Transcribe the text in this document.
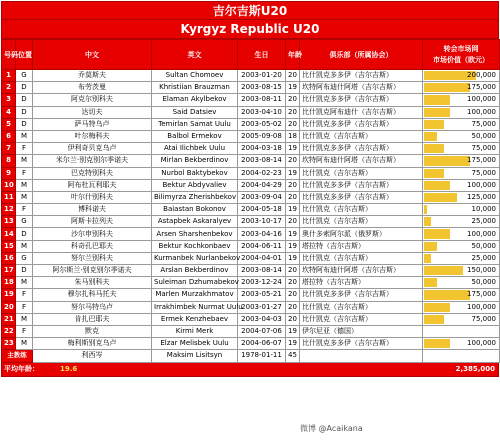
吉尔吉斯U20
Kyrgyz Republic U20
号码	位置	中文	英文	生日	年龄	俱乐部（所属协会）	转会市场网
市场价值（欧元）

1	G	乔莫斯夫	Sultan Chomoev	2003-01-20	20	比什凯克多多伊（吉尔吉斯）	200,000
2	D	布劳茨曼	Khristiian Brauzman	2003-08-15	19	坎特阿布迪什阿塔（吉尔吉斯）	175,000
3	D	阿克尔别科夫	Elaman Akylbekov	2003-08-11	20	比什凯克多多伊（吉尔吉斯）	100,000
4	D	达切夫	Said Datsiev	2003-04-10	20	比什凯克阿布迪什（吉尔吉斯）	100,000
5	D	萨马特乌卢	Temirlan Samat Uulu	2003-05-02	20	比什凯克多多伊（吉尔吉斯）	75,000
6	M	叶尔梅科夫	Balbol Ermekov	2005-09-08	18	比什凯克（吉尔吉斯）	50,000
7	F	伊利奇贝克乌卢	Atai Ilichbek Uulu	2004-03-18	19	比什凯克多多伊（吉尔吉斯）	75,000
8	M	米尔兰·别克别尔季诺夫	Mirlan Bekberdinov	2003-08-14	20	坎特阿布迪什阿塔（吉尔吉斯）	175,000
9	F	巴克特别科夫	Nurbol Baktybekov	2004-02-23	19	比什凯克（吉尔吉斯）	75,000
10	M	阿布杜瓦利耶夫	Bektur Abdyvaliev	2004-04-29	20	比什凯克多多伊（吉尔吉斯）	100,000
11	M	叶尔什别科夫	Bilimyrza Zherishbekov	2003-09-04	20	比什凯克多多伊（吉尔吉斯）	125,000
12	F	博科诺夫	Baiastan Bokonov	2004-05-18	19	比什凯克（吉尔吉斯）	10,000
13	G	阿斯卡拉列夫	Astapbek Askaralyev	2003-10-17	20	比什凯克（吉尔吉斯）	25,000
14	D	沙尔申别科夫	Arsen Sharshenbekov	2003-04-16	19	奥什多索阿尔派（俄罗斯）	100,000
15	M	科奇孔巴耶夫	Bektur Kochkonbaev	2004-06-11	19	塔拉特（吉尔吉斯）	50,000
16	G	努尔兰别科夫	Kurmanbek Nurlanbekov	2004-04-01	19	比什凯克（吉尔吉斯）	25,000
17	D	阿尔斯兰·别克别尔季诺夫	Arslan Bekberdinov	2003-08-14	20	坎特阿布迪什阿塔（吉尔吉斯）	150,000
18	M	朱马别科夫	Suleiman Dzhumabekov	2003-12-24	20	塔拉特（吉尔吉斯）	50,000
19	F	穆尔扎科马托夫	Marlen Murzakhmatov	2003-05-21	20	比什凯克多多伊（吉尔吉斯）	175,000
20	F	努尔马特乌卢	Irrakhimbek Nurmat Uulu	2003-01-27	20	比什凯克（吉尔吉斯）	100,000
21	M	肯扎巴耶夫	Ermek Kenzhebaev	2003-04-03	20	比什凯克（吉尔吉斯）	75,000
22	F	默克	Kirmi Merk	2004-07-06	19	伊尔尼亚（德国）	

23	M	梅利斯别克乌卢	Elzar Melisbek Uulu	2004-06-07	19	比什凯克多多伊（吉尔吉斯）	100,000
主教练		利西岑	Maksim Lisitsyn	1978-01-11	45		
平均年龄：	19.6	2,385,000
微博 @Acaikana
